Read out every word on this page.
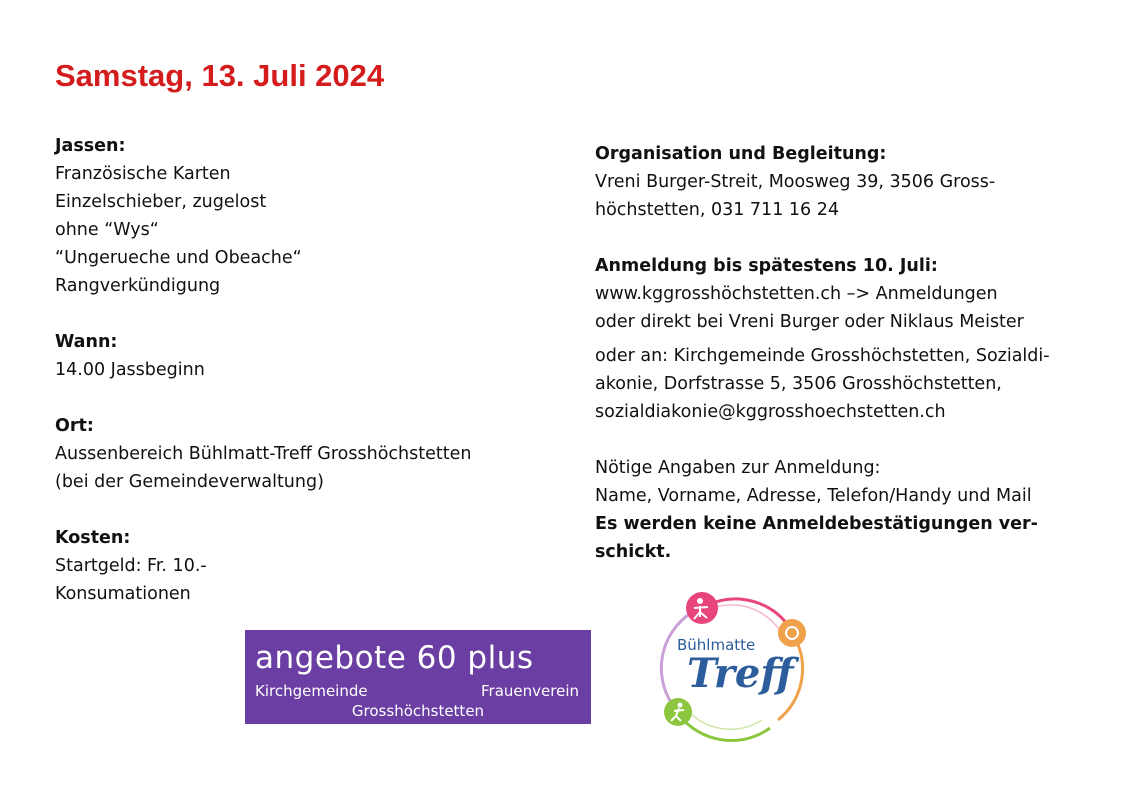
Samstag, 13. Juli 2024
Jassen:
Französische Karten
Einzelschieber, zugelost
ohne “Wys“
“Ungerueche und Obeache“
Rangverkündigung
Wann:
14.00 Jassbeginn
Ort:
Aussenbereich Bühlmatt-Treff Grosshöchstetten
(bei der Gemeindeverwaltung)
Kosten:
Startgeld: Fr. 10.-
Konsumationen
Organisation und Begleitung:
Vreni Burger-Streit, Moosweg 39, 3506 Gross-
höchstetten, 031 711 16 24
Anmeldung bis spätestens 10. Juli:
www.kggrosshöchstetten.ch –> Anmeldungen
oder direkt bei Vreni Burger oder Niklaus Meister
oder an: Kirchgemeinde Grosshöchstetten, Sozialdi-
akonie, Dorfstrasse 5, 3506 Grosshöchstetten,
sozialdiakonie@kggrosshoechstetten.ch
Nötige Angaben zur Anmeldung:
Name, Vorname, Adresse, Telefon/Handy und Mail
Es werden keine Anmeldebestätigungen ver-
schickt.
angebote 60 plus
Kirchgemeinde	Frauenverein
Grosshöchstetten
Bühlmatte
Treff
